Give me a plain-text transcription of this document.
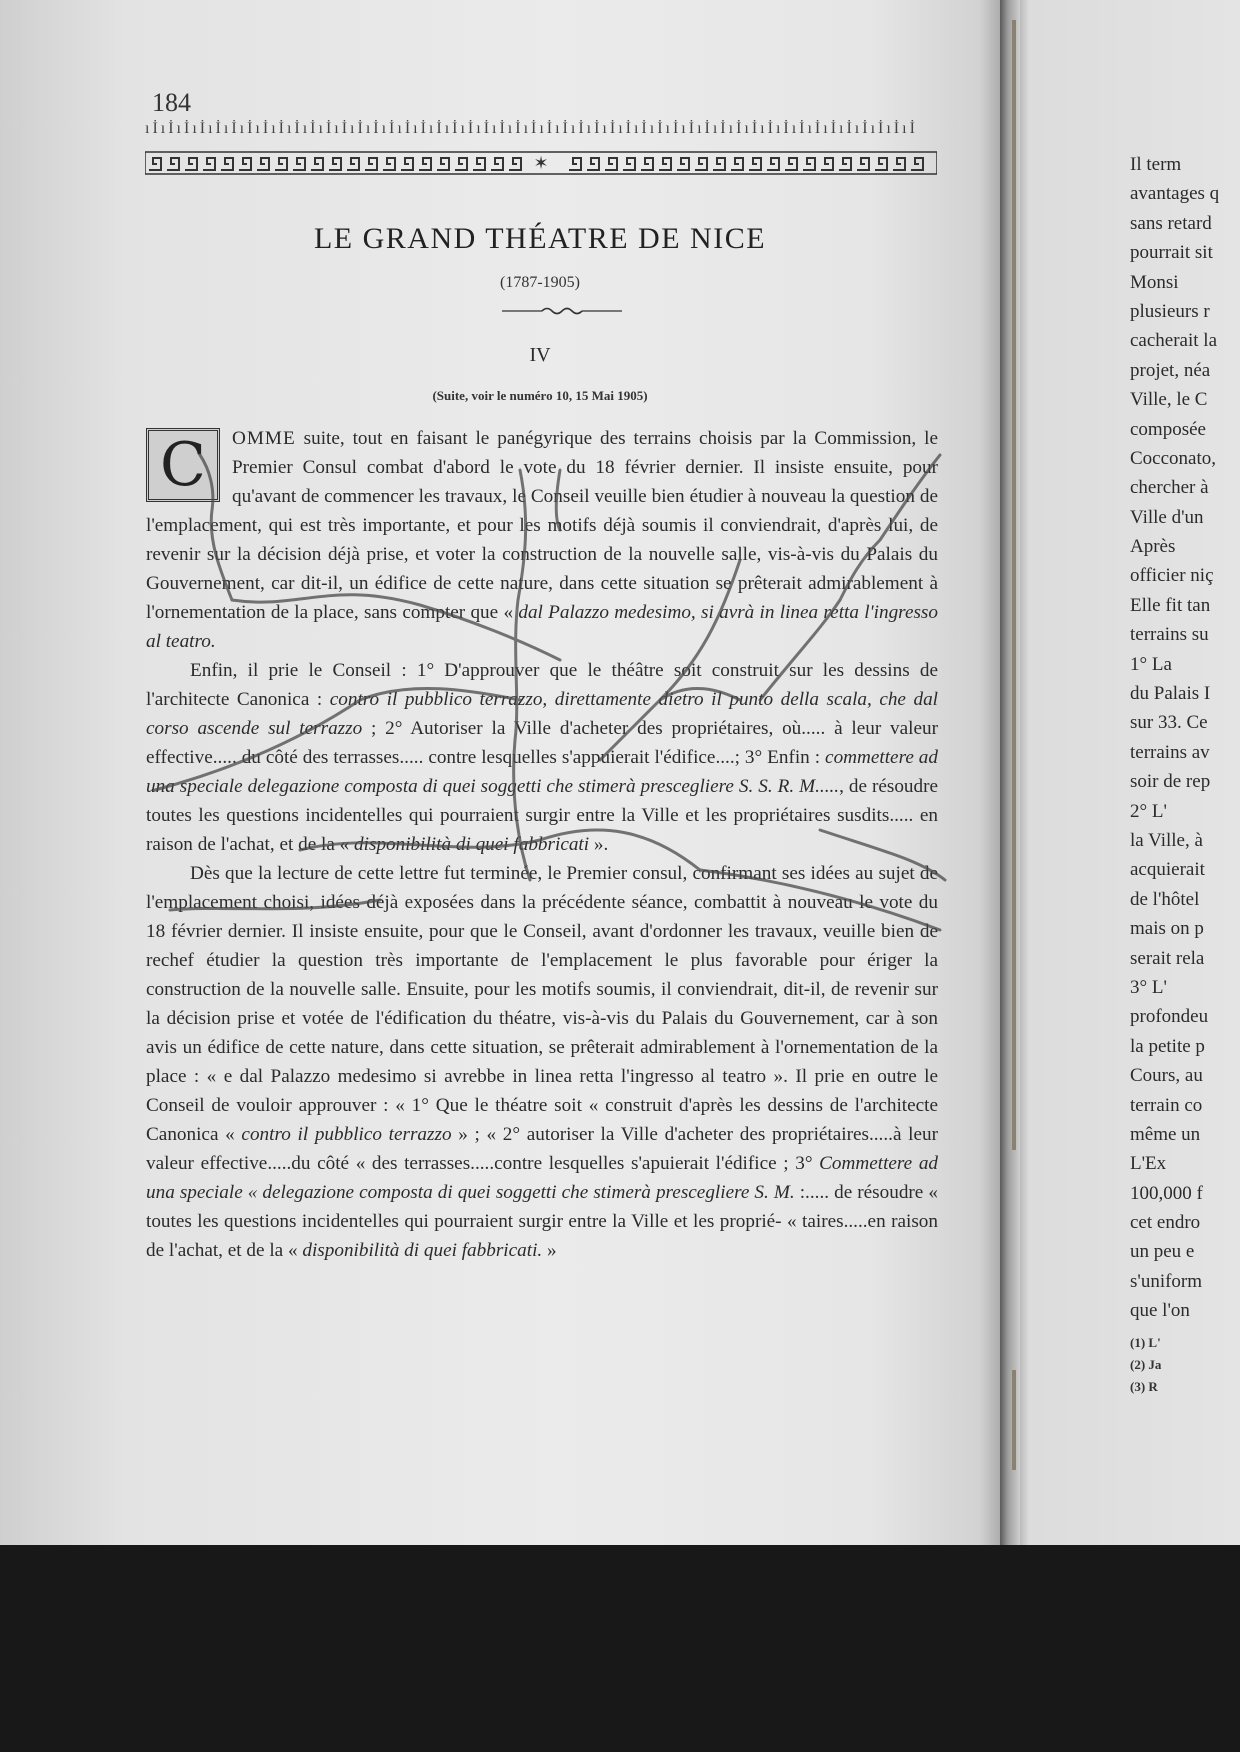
184
ıİıİıİıİıİıİıİıİıİıİıİıİıİıİıİıİıİıİıİıİıİıİıİıİıİıİıİıİıİıİıİıİıİıİıİıİıİıİıİıİıİıİıİıİıİıİıİıİıİ
✶
LE GRAND THÉATRE DE NICE
(1787-1905)
IV
(Suite, voir le numéro 10, 15 Mai 1905)

C	OMME suite, tout en faisant le panégyrique des terrains choisis par la Commission, le Premier Consul combat d'abord le vote du 18 février dernier. Il insiste ensuite, pour qu'avant de commencer les travaux, le Conseil veuille bien étudier à nouveau la question de l'emplacement, qui est très importante, et pour les motifs déjà soumis il conviendrait, d'après lui, de revenir sur la décision déjà prise, et voter la construction de la nouvelle salle, vis-à-vis du Palais du Gouvernement, car dit-il, un édifice de cette nature, dans cette situation se prêterait admirablement à l'ornementation de la place, sans compter que « dal Palazzo medesimo, si avrà in linea retta l'ingresso al teatro.

Enfin, il prie le Conseil : 1° D'approuver que le théâtre soit construit sur les dessins de l'architecte Canonica : contro il pubblico terrazzo, direttamente dietro il punto della scala, che dal corso ascende sul terrazzo ; 2° Autoriser la Ville d'acheter des propriétaires, où..... à leur valeur effective..... du côté des terrasses..... contre lesquelles s'appuierait l'édifice....; 3° Enfin : commettere ad una speciale delegazione composta di quei soggetti che stimerà prescegliere S. S. R. M....., de résoudre toutes les questions incidentelles qui pourraient surgir entre la Ville et les propriétaires susdits..... en raison de l'achat, et de la « disponibilità di quei fabbricati ».

Dès que la lecture de cette lettre fut terminée, le Premier consul, confirmant ses idées au sujet de l'emplacement choisi, idées déjà exposées dans la précédente séance, combattit à nouveau le vote du 18 février dernier. Il insiste ensuite, pour que le Conseil, avant d'ordonner les travaux, veuille bien de rechef étudier la question très importante de l'emplacement le plus favorable pour ériger la construction de la nouvelle salle. Ensuite, pour les motifs soumis, il conviendrait, dit-il, de revenir sur la décision prise et votée de l'édification du théatre, vis-à-vis du Palais du Gouvernement, car à son avis un édifice de cette nature, dans cette situation, se prêterait admirablement à l'ornementation de la place : « e dal Palazzo medesimo si avrebbe in linea retta l'ingresso al teatro ». Il prie en outre le Conseil de vouloir approuver : « 1° Que le théatre soit « construit d'après les dessins de l'architecte Canonica « contro il pubblico terrazzo » ; « 2° autoriser la Ville d'acheter des propriétaires.....à leur valeur effective.....du côté « des terrasses.....contre lesquelles s'apuierait l'édifice ; 3° Commettere ad una speciale « delegazione composta di quei soggetti che stimerà prescegliere S. M. :..... de résoudre « toutes les questions incidentelles qui pourraient surgir entre la Ville et les proprié- « taires.....en raison de l'achat, et de la « disponibilità di quei fabbricati. »

Il term
avantages q
sans retard
pourrait sit
Monsi
plusieurs r
cacherait la
projet, néa
Ville, le C
composée
Cocconato,
chercher à
Ville d'un
Après
officier niç
Elle fit tan
terrains su
1° La
du Palais I
sur 33. Ce
terrains av
soir de rep
2° L'
la Ville, à
acquierait
de l'hôtel
mais on p
serait rela
3° L'
profondeu
la petite p
Cours, au
terrain co
même un
L'Ex
100,000 f
cet endro
un peu e
s'uniform
que l'on
(1) L'
(2) Ja
(3) R
